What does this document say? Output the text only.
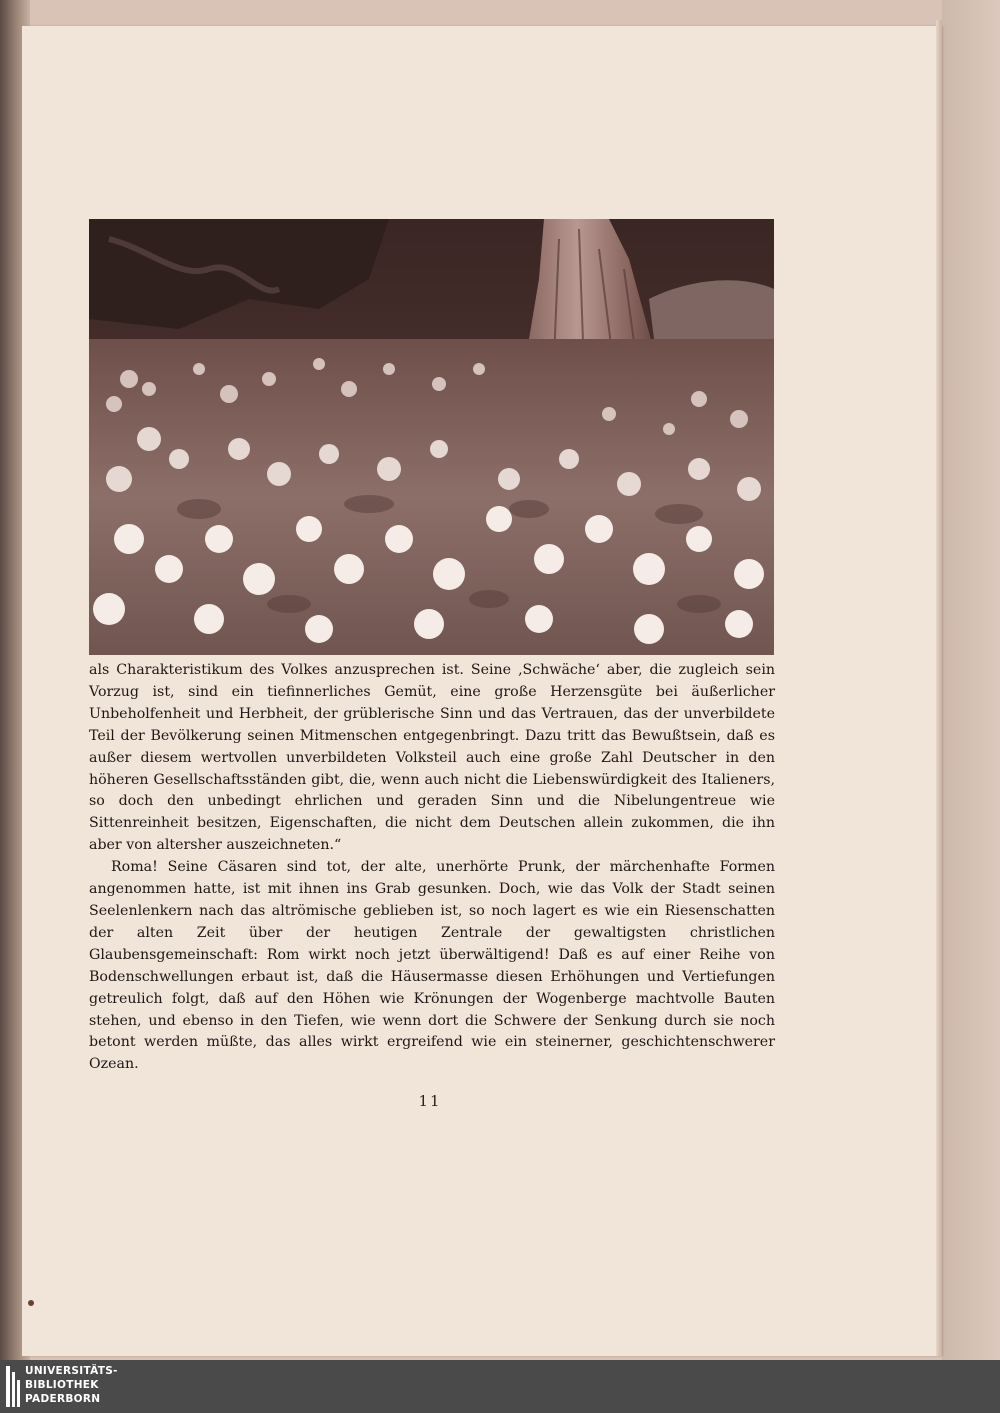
als Charakteristikum des Volkes anzusprechen ist. Seine ‚Schwäche‘ aber, die zugleich sein Vorzug ist, sind ein tiefinnerliches Gemüt, eine große Herzensgüte bei äußerlicher Unbeholfenheit und Herbheit, der grüblerische Sinn und das Vertrauen, das der unverbildete Teil der Bevölkerung seinen Mitmenschen entgegenbringt. Dazu tritt das Bewußtsein, daß es außer diesem wertvollen unverbildeten Volksteil auch eine große Zahl Deutscher in den höheren Gesellschaftsständen gibt, die, wenn auch nicht die Liebenswürdigkeit des Italieners, so doch den unbedingt ehrlichen und geraden Sinn und die Nibelungentreue wie Sittenreinheit besitzen, Eigenschaften, die nicht dem Deutschen allein zukommen, die ihn aber von altersher auszeichneten.“

Roma! Seine Cäsaren sind tot, der alte, unerhörte Prunk, der märchenhafte Formen angenommen hatte, ist mit ihnen ins Grab gesunken. Doch, wie das Volk der Stadt seinen Seelenlenkern nach das altrömische geblieben ist, so noch lagert es wie ein Riesenschatten der alten Zeit über der heutigen Zentrale der gewaltigsten christlichen Glaubensgemeinschaft: Rom wirkt noch jetzt überwältigend! Daß es auf einer Reihe von Bodenschwellungen erbaut ist, daß die Häusermasse diesen Erhöhungen und Vertiefungen getreulich folgt, daß auf den Höhen wie Krönungen der Wogenberge machtvolle Bauten stehen, und ebenso in den Tiefen, wie wenn dort die Schwere der Senkung durch sie noch betont werden müßte, das alles wirkt ergreifend wie ein steinerner, geschichtenschwerer Ozean.

11
UNIVERSITÄTS-
BIBLIOTHEK
PADERBORN
